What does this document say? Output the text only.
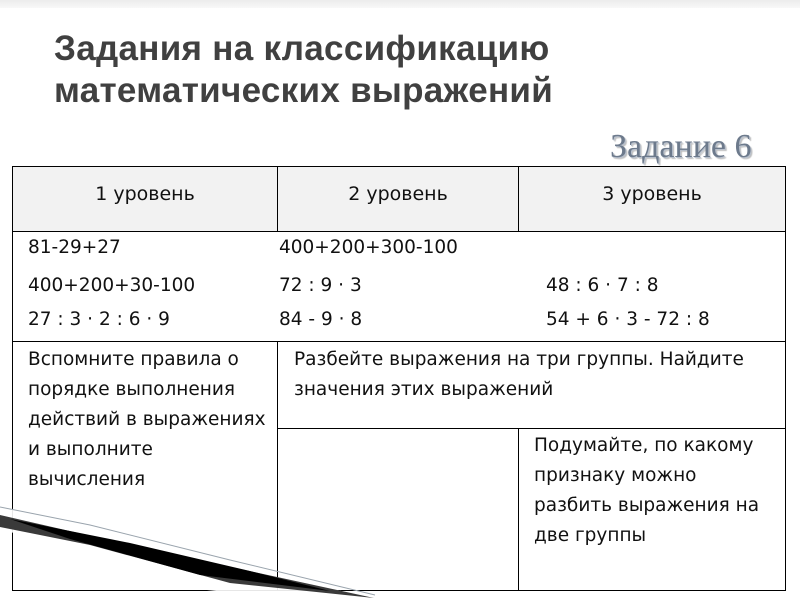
Задания на классификацию
математических выражений
Задание 6
1 уровень	2 уровень	3 уровень
81-29+27
400+200+30-100
27 : 3 · 2 : 6 · 9
400+200+300-100
72 : 9 · 3
84 - 9 · 8
48 : 6 · 7 : 8
54 + 6 · 3 - 72 : 8
Вспомните правила о порядке выполнения действий в выражениях и выполните вычисления
Разбейте выражения на три группы. Найдите значения этих выражений
Подумайте, по какому признаку можно разбить выражения на две группы
